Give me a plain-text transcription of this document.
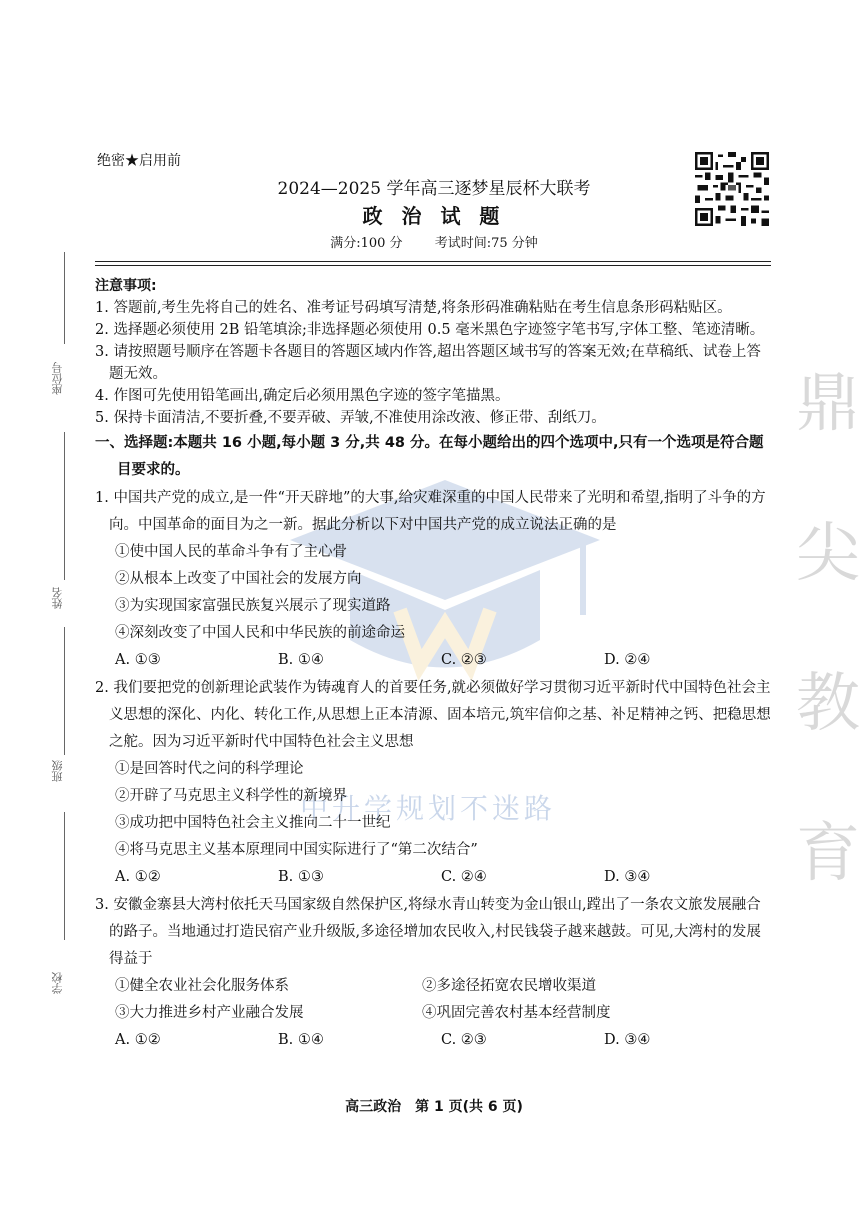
鼎
尖
教
育
中升学规划不迷路
座位号
姓名
班级
学校
绝密★启用前
2024—2025 学年高三逐梦星辰杯大联考
政 治 试 题
满分:100 分 考试时间:75 分钟
注意事项:
1. 答题前,考生先将自己的姓名、准考证号码填写清楚,将条形码准确粘贴在考生信息条形码粘贴区。
2. 选择题必须使用 2B 铅笔填涂;非选择题必须使用 0.5 毫米黑色字迹签字笔书写,字体工整、笔迹清晰。
3. 请按照题号顺序在答题卡各题目的答题区域内作答,超出答题区域书写的答案无效;在草稿纸、试卷上答题无效。
4. 作图可先使用铅笔画出,确定后必须用黑色字迹的签字笔描黑。
5. 保持卡面清洁,不要折叠,不要弄破、弄皱,不准使用涂改液、修正带、刮纸刀。
一、选择题:本题共 16 小题,每小题 3 分,共 48 分。在每小题给出的四个选项中,只有一个选项是符合题目要求的。
1. 中国共产党的成立,是一件“开天辟地”的大事,给灾难深重的中国人民带来了光明和希望,指明了斗争的方向。中国革命的面目为之一新。据此分析以下对中国共产党的成立说法正确的是
①使中国人民的革命斗争有了主心骨
②从根本上改变了中国社会的发展方向
③为实现国家富强民族复兴展示了现实道路
④深刻改变了中国人民和中华民族的前途命运
A. ①③	B. ①④	C. ②③	D. ②④
2. 我们要把党的创新理论武装作为铸魂育人的首要任务,就必须做好学习贯彻习近平新时代中国特色社会主义思想的深化、内化、转化工作,从思想上正本清源、固本培元,筑牢信仰之基、补足精神之钙、把稳思想之舵。因为习近平新时代中国特色社会主义思想
①是回答时代之问的科学理论
②开辟了马克思主义科学性的新境界
③成功把中国特色社会主义推向二十一世纪
④将马克思主义基本原理同中国实际进行了“第二次结合”
A. ①②	B. ①③	C. ②④	D. ③④
3. 安徽金寨县大湾村依托天马国家级自然保护区,将绿水青山转变为金山银山,蹚出了一条农文旅发展融合的路子。当地通过打造民宿产业升级版,多途径增加农民收入,村民钱袋子越来越鼓。可见,大湾村的发展得益于
①健全农业社会化服务体系	②多途径拓宽农民增收渠道
③大力推进乡村产业融合发展	④巩固完善农村基本经营制度
A. ①②	B. ①④	C. ②③	D. ③④
高三政治　第 1 页(共 6 页)
